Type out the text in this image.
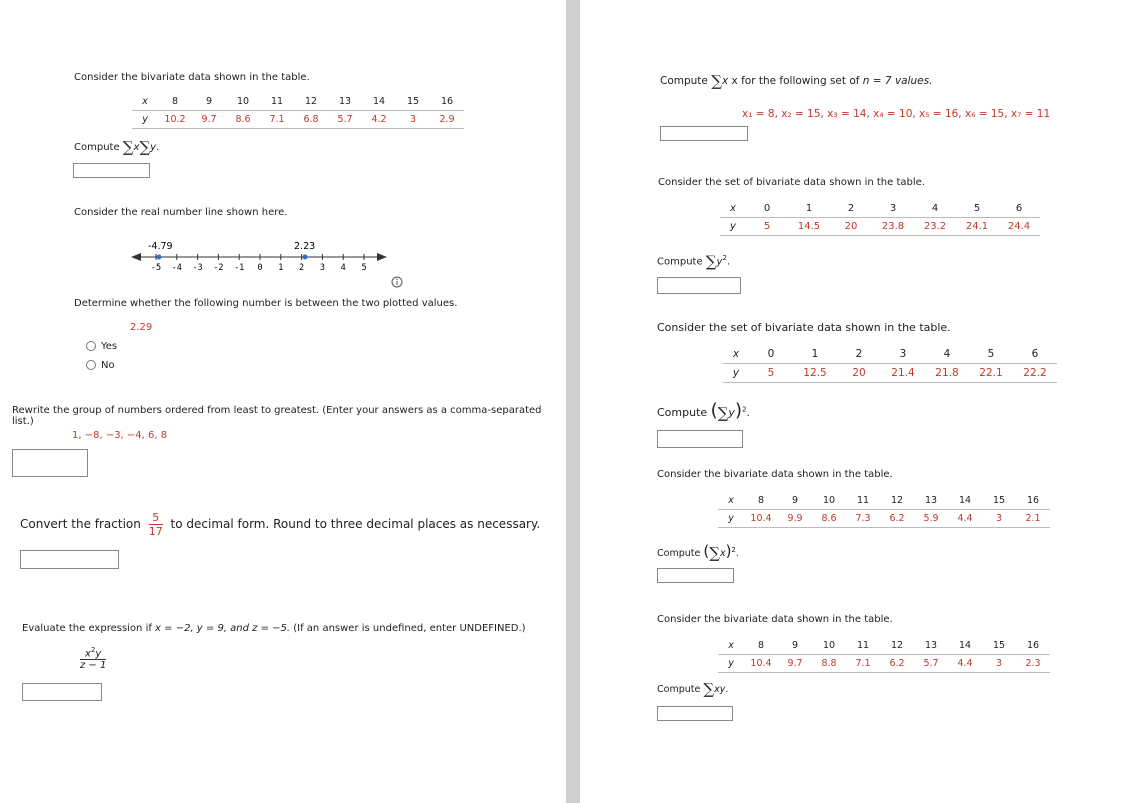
Consider the bivariate data shown in the table.
x	8	9	10	11	12	13	14	15	16
y	10.2	9.7	8.6	7.1	6.8	5.7	4.2	3	2.9
Compute ∑x∑y.
Consider the real number line shown here.
-4.79	2.23
-5 -4 -3 -2 -1 0 1 2 3 4 5
Determine whether the following number is between the two plotted values.
2.29
Yes
No
Rewrite the group of numbers ordered from least to greatest. (Enter your answers as a comma-separated list.)
1, −8, −3, −4, 6, 8
Convert the fraction $\frac{5}{17}$ to decimal form. Round to three decimal places as necessary.
Evaluate the expression if x = −2, y = 9, and z = −5. (If an answer is undefined, enter UNDEFINED.)
$\frac{x^2y}{z - 1}$
Compute ∑x x for the following set of n = 7 values.
x₁ = 8, x₂ = 15, x₃ = 14, x₄ = 10, x₅ = 16, x₆ = 15, x₇ = 11
Consider the set of bivariate data shown in the table.
x	0	1	2	3	4	5	6
y	5	14.5	20	23.8	23.2	24.1	24.4
Compute $\sum y^2$.
Consider the set of bivariate data shown in the table.
x	0	1	2	3	4	5	6
y	5	12.5	20	21.4	21.8	22.1	22.2
Compute $(\sum y)^2$.
Consider the bivariate data shown in the table.
x	8	9	10	11	12	13	14	15	16
y	10.4	9.9	8.6	7.3	6.2	5.9	4.4	3	2.1
Compute $(\sum x)^2$.
Consider the bivariate data shown in the table.
x	8	9	10	11	12	13	14	15	16
y	10.4	9.7	8.8	7.1	6.2	5.7	4.4	3	2.3
Compute ∑xy.
